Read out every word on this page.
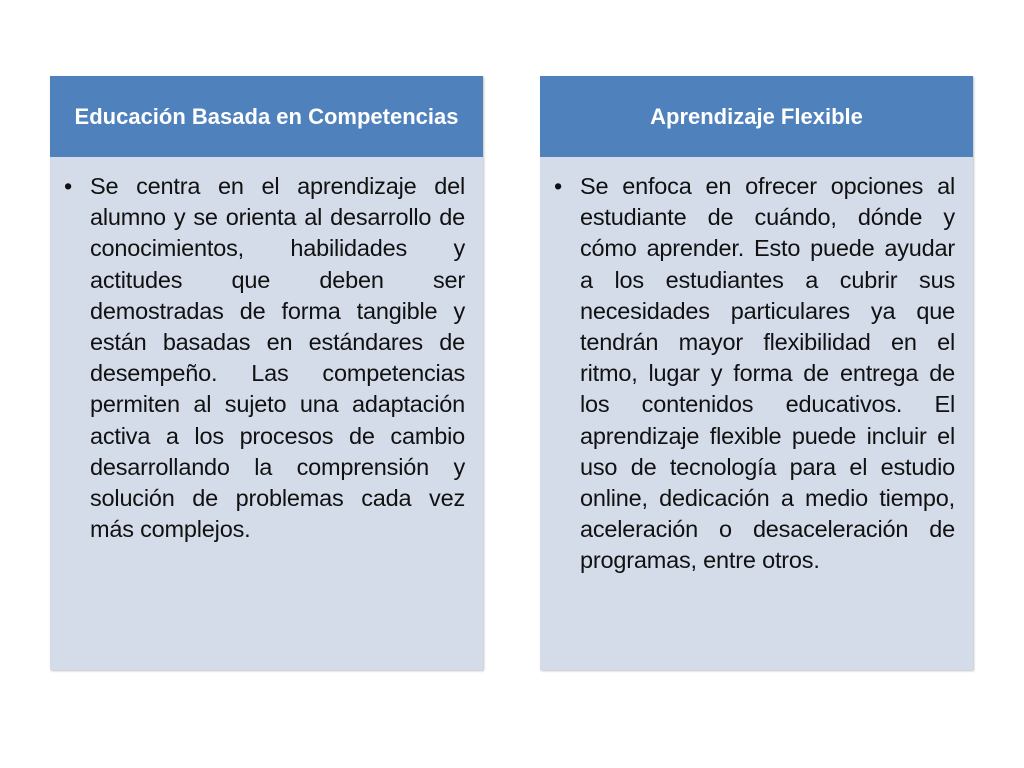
Educación Basada en Competencias
• Se centra en el aprendizaje del alumno y se orienta al desarrollo de conocimientos, habilidades y actitudes que deben ser demostradas de forma tangible y están basadas en estándares de desempeño. Las competencias permiten al sujeto una adaptación activa a los procesos de cambio desarrollando la comprensión y solución de problemas cada vez más complejos.
Aprendizaje Flexible
• Se enfoca en ofrecer opciones al estudiante de cuándo, dónde y cómo aprender. Esto puede ayudar a los estudiantes a cubrir sus necesidades particulares ya que tendrán mayor flexibilidad en el ritmo, lugar y forma de entrega de los contenidos educativos. El aprendizaje flexible puede incluir el uso de tecnología para el estudio online, dedicación a medio tiempo, aceleración o desaceleración de programas, entre otros.
